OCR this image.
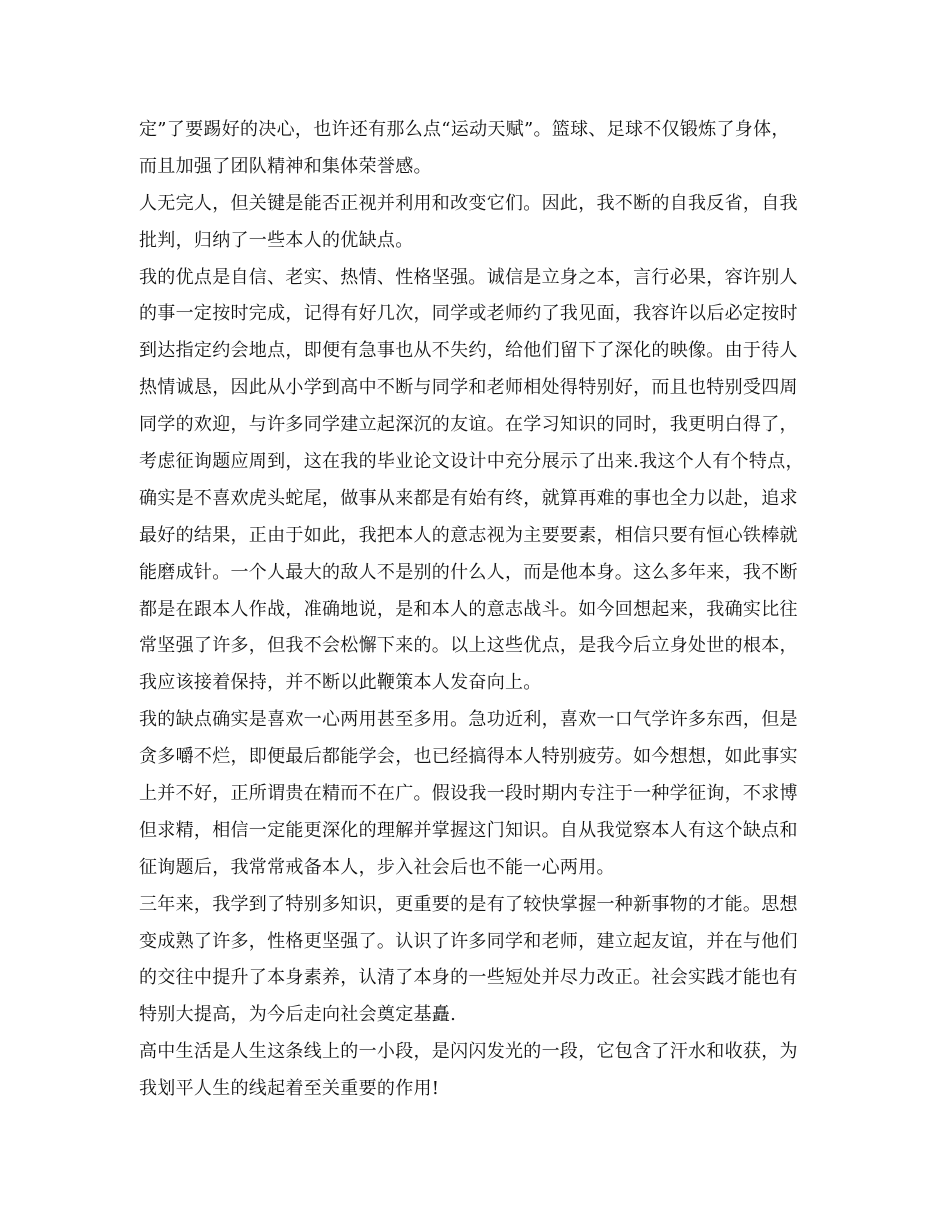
定”了要踢好的决心，也许还有那么点“运动天赋”。篮球、足球不仅锻炼了身体，
而且加强了团队精神和集体荣誉感。
人无完人，但关键是能否正视并利用和改变它们。因此，我不断的自我反省，自我
批判，归纳了一些本人的优缺点。
我的优点是自信、老实、热情、性格坚强。诚信是立身之本，言行必果，容许别人
的事一定按时完成，记得有好几次，同学或老师约了我见面，我容许以后必定按时
到达指定约会地点，即便有急事也从不失约，给他们留下了深化的映像。由于待人
热情诚恳，因此从小学到高中不断与同学和老师相处得特别好，而且也特别受四周
同学的欢迎，与许多同学建立起深沉的友谊。在学习知识的同时，我更明白得了，
考虑征询题应周到，这在我的毕业论文设计中充分展示了出来.我这个人有个特点，
确实是不喜欢虎头蛇尾，做事从来都是有始有终，就算再难的事也全力以赴，追求
最好的结果，正由于如此，我把本人的意志视为主要要素，相信只要有恒心铁棒就
能磨成针。一个人最大的敌人不是别的什么人，而是他本身。这么多年来，我不断
都是在跟本人作战，准确地说，是和本人的意志战斗。如今回想起来，我确实比往
常坚强了许多，但我不会松懈下来的。以上这些优点，是我今后立身处世的根本，
我应该接着保持，并不断以此鞭策本人发奋向上。
我的缺点确实是喜欢一心两用甚至多用。急功近利，喜欢一口气学许多东西，但是
贪多嚼不烂，即便最后都能学会，也已经搞得本人特别疲劳。如今想想，如此事实
上并不好，正所谓贵在精而不在广。假设我一段时期内专注于一种学征询，不求博
但求精，相信一定能更深化的理解并掌握这门知识。自从我觉察本人有这个缺点和
征询题后，我常常戒备本人，步入社会后也不能一心两用。
三年来，我学到了特别多知识，更重要的是有了较快掌握一种新事物的才能。思想
变成熟了许多，性格更坚强了。认识了许多同学和老师，建立起友谊，并在与他们
的交往中提升了本身素养，认清了本身的一些短处并尽力改正。社会实践才能也有
特别大提高，为今后走向社会奠定基矗.
高中生活是人生这条线上的一小段，是闪闪发光的一段，它包含了汗水和收获，为
我划平人生的线起着至关重要的作用!
